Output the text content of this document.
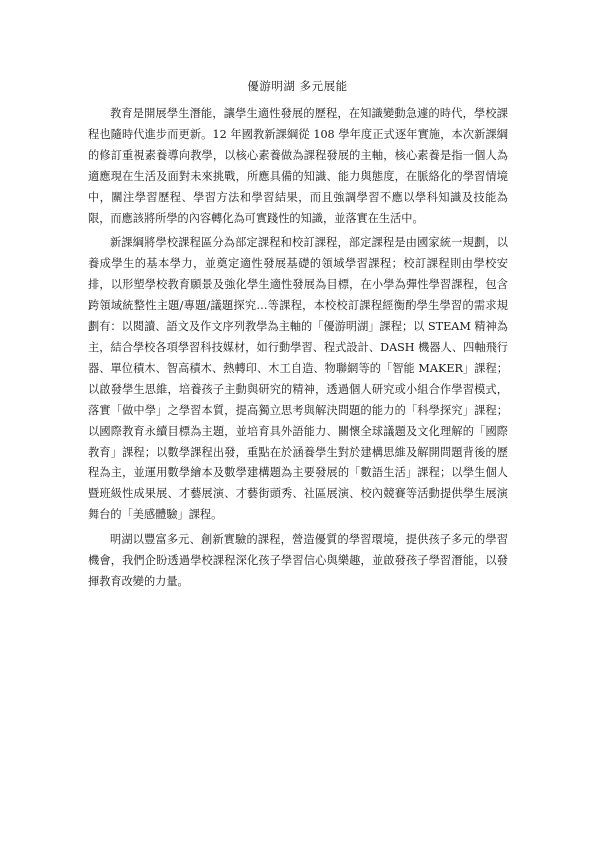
優游明湖 多元展能

教育是開展學生潛能，讓學生適性發展的歷程，在知識變動急遽的時代，學校課程也隨時代進步而更新。12 年國教新課綱從 108 學年度正式逐年實施，本次新課綱的修訂重視素養導向教學，以核心素養做為課程發展的主軸，核心素養是指一個人為適應現在生活及面對未來挑戰，所應具備的知識、能力與態度，在脈絡化的學習情境中，關注學習歷程、學習方法和學習結果，而且強調學習不應以學科知識及技能為限，而應該將所學的內容轉化為可實踐性的知識，並落實在生活中。

新課綱將學校課程區分為部定課程和校訂課程，部定課程是由國家統一規劃，以養成學生的基本學力，並奠定適性發展基礎的領域學習課程；校訂課程則由學校安排，以形塑學校教育願景及強化學生適性發展為目標，在小學為彈性學習課程，包含跨領域統整性主題/專題/議題探究…等課程，本校校訂課程經衡酌學生學習的需求規劃有：以閱讀、語文及作文序列教學為主軸的「優游明湖」課程；以 STEAM 精神為主，結合學校各項學習科技媒材，如行動學習、程式設計、DASH 機器人、四軸飛行器、單位積木、智高積木、熱轉印、木工自造、物聯網等的「智能 MAKER」課程；以啟發學生思維，培養孩子主動與研究的精神，透過個人研究或小組合作學習模式，落實「做中學」之學習本質，提高獨立思考與解決問題的能力的「科學探究」課程；以國際教育永續目標為主題，並培育具外語能力、關懷全球議題及文化理解的「國際教育」課程；以數學課程出發，重點在於涵養學生對於建構思維及解開問題背後的歷程為主，並運用數學繪本及數學建構題為主要發展的「數語生活」課程；以學生個人暨班級性成果展、才藝展演、才藝街頭秀、社區展演、校內競賽等活動提供學生展演舞台的「美感體驗」課程。

明湖以豐富多元、創新實驗的課程，營造優質的學習環境，提供孩子多元的學習機會，我們企盼透過學校課程深化孩子學習信心與樂趣，並啟發孩子學習潛能，以發揮教育改變的力量。
